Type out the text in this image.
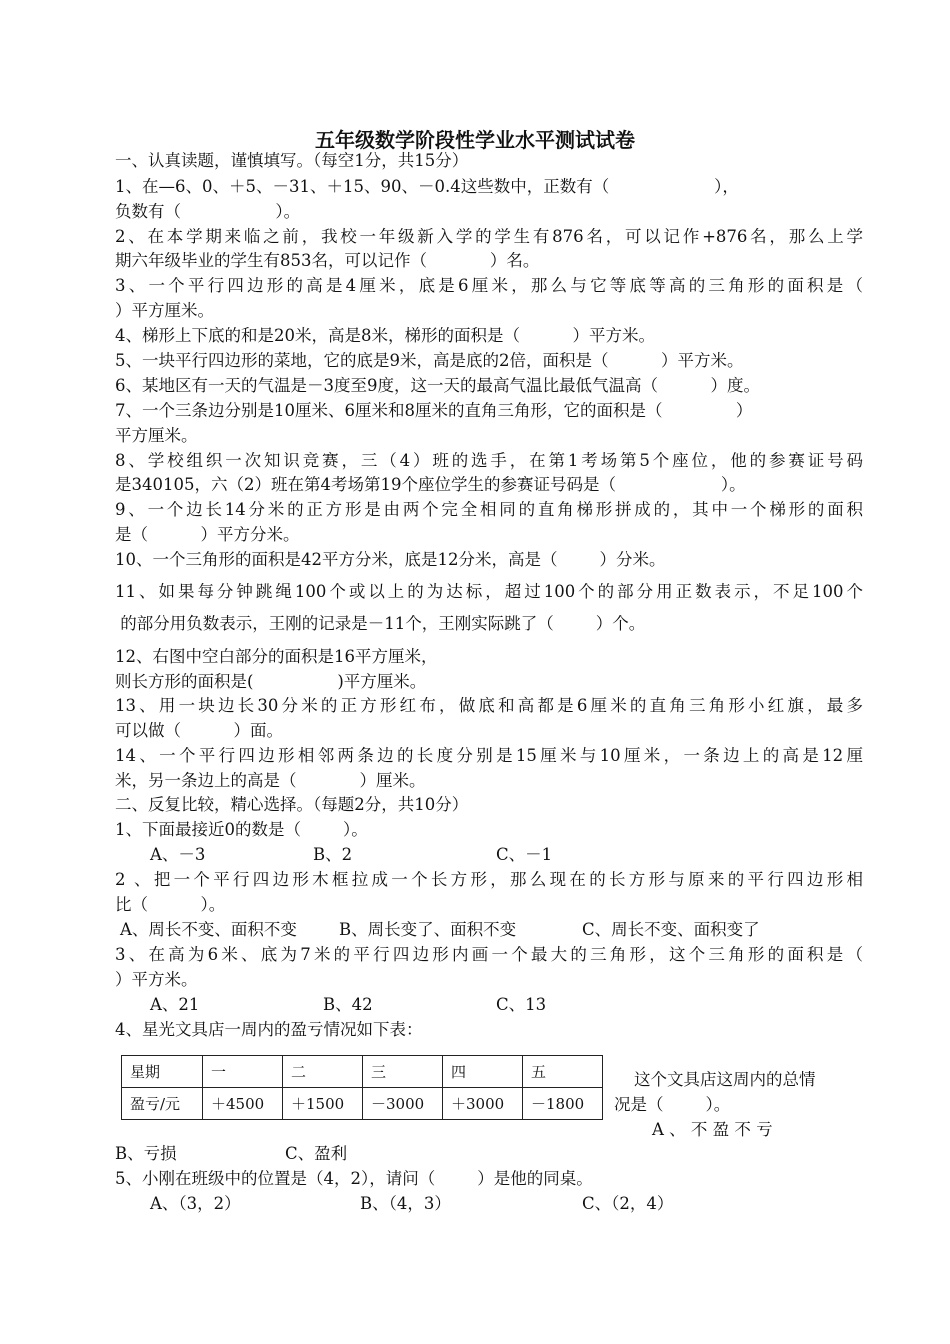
五年级数学阶段性学业水平测试试卷
一、认真读题，谨慎填写。（每空1分，共15分）
1、在—6、0、＋5、－31、＋15、90、－0.4这些数中，正数有（                    ），
负数有（                  ）。
2、在本学期来临之前，我校一年级新入学的学生有876名，可以记作+876名，那么上学
期六年级毕业的学生有853名，可以记作（            ）名。
3、一个平行四边形的高是4厘米，底是6厘米，那么与它等底等高的三角形的面积是（
）平方厘米。
4、梯形上下底的和是20米，高是8米，梯形的面积是（          ）平方米。
5、一块平行四边形的菜地，它的底是9米，高是底的2倍，面积是（          ）平方米。
6、某地区有一天的气温是－3度至9度，这一天的最高气温比最低气温高（          ）度。
7、一个三条边分别是10厘米、6厘米和8厘米的直角三角形，它的面积是（              ）
平方厘米。
8、学校组织一次知识竞赛，三（4）班的选手，在第1考场第5个座位，他的参赛证号码
是340105，六（2）班在第4考场第19个座位学生的参赛证号码是（                    ）。
9、一个边长14分米的正方形是由两个完全相同的直角梯形拼成的，其中一个梯形的面积
是（          ）平方分米。
10、一个三角形的面积是42平方分米，底是12分米，高是（        ）分米。
11、如果每分钟跳绳100个或以上的为达标，超过100个的部分用正数表示，不足100个
的部分用负数表示，王刚的记录是－11个，王刚实际跳了（        ）个。
12、右图中空白部分的面积是16平方厘米，
则长方形的面积是(                )平方厘米。
13、用一块边长30分米的正方形红布，做底和高都是6厘米的直角三角形小红旗，最多
可以做（          ）面。
14、一个平行四边形相邻两条边的长度分别是15厘米与10厘米，一条边上的高是12厘
米，另一条边上的高是（            ）厘米。
二、反复比较，精心选择。（每题2分，共10分）
1、下面最接近0的数是（        ）。
A、－3	B、2	C、－1
2 、把一个平行四边形木框拉成一个长方形，那么现在的长方形与原来的平行四边形相
比（          ）。
A、周长不变、面积不变	B、周长变了、面积不变	C、周长不变、面积变了
3、在高为6米、底为7米的平行四边形内画一个最大的三角形，这个三角形的面积是（
）平方米。
A、21	B、42	C、13
4、星光文具店一周内的盈亏情况如下表：
星期	一	二	三	四	五
盈亏/元	＋4500	＋1500	－3000	＋3000	－1800
这个文具店这周内的总情
况是（        ）。
A 、 不 盈 不 亏
B、亏损	C、盈利
5、小刚在班级中的位置是（4，2），请问（        ）是他的同桌。
A、（3，2）	B、（4，3）	C、（2，4）
